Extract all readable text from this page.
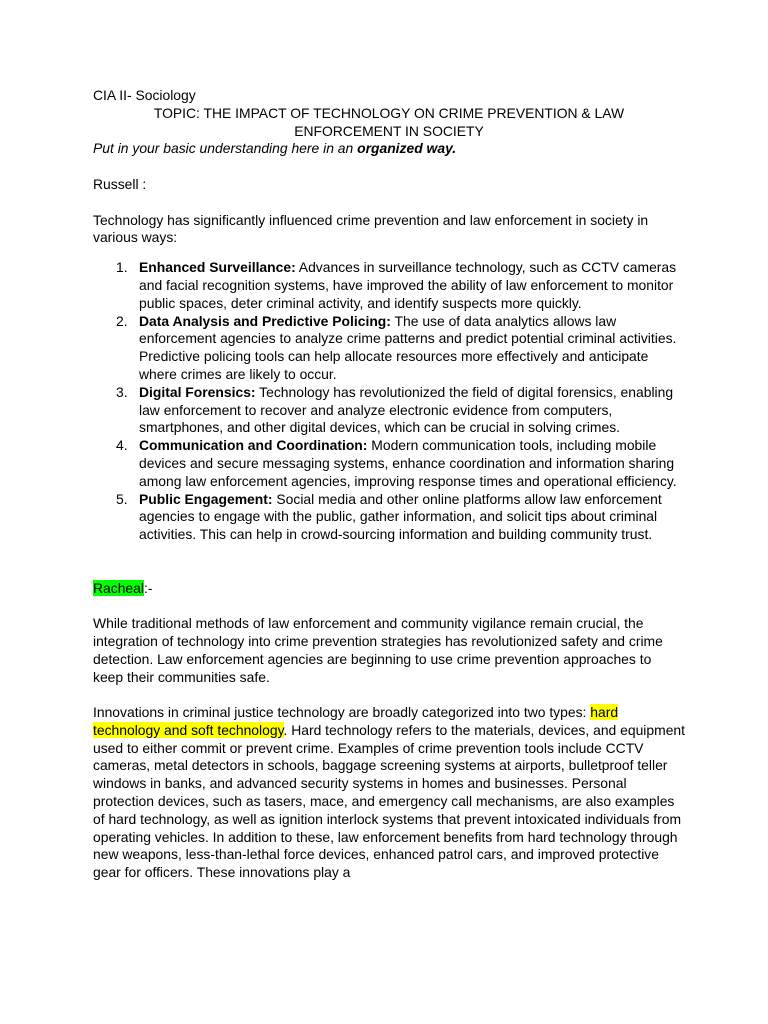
CIA II- Sociology

TOPIC: THE IMPACT OF TECHNOLOGY ON CRIME PREVENTION & LAW

ENFORCEMENT IN SOCIETY

Put in your basic understanding here in an organized way.

Russell :

Technology has significantly influenced crime prevention and law enforcement in society in various ways:

1. Enhanced Surveillance: Advances in surveillance technology, such as CCTV cameras and facial recognition systems, have improved the ability of law enforcement to monitor public spaces, deter criminal activity, and identify suspects more quickly.
2. Data Analysis and Predictive Policing: The use of data analytics allows law enforcement agencies to analyze crime patterns and predict potential criminal activities. Predictive policing tools can help allocate resources more effectively and anticipate where crimes are likely to occur.
3. Digital Forensics: Technology has revolutionized the field of digital forensics, enabling law enforcement to recover and analyze electronic evidence from computers, smartphones, and other digital devices, which can be crucial in solving crimes.
4. Communication and Coordination: Modern communication tools, including mobile devices and secure messaging systems, enhance coordination and information sharing among law enforcement agencies, improving response times and operational efficiency.
5. Public Engagement: Social media and other online platforms allow law enforcement agencies to engage with the public, gather information, and solicit tips about criminal activities. This can help in crowd-sourcing information and building community trust.

Racheal:-

While traditional methods of law enforcement and community vigilance remain crucial, the integration of technology into crime prevention strategies has revolutionized safety and crime detection. Law enforcement agencies are beginning to use crime prevention approaches to keep their communities safe.

Innovations in criminal justice technology are broadly categorized into two types: hard technology and soft technology. Hard technology refers to the materials, devices, and equipment used to either commit or prevent crime. Examples of crime prevention tools include CCTV cameras, metal detectors in schools, baggage screening systems at airports, bulletproof teller windows in banks, and advanced security systems in homes and businesses. Personal protection devices, such as tasers, mace, and emergency call mechanisms, are also examples of hard technology, as well as ignition interlock systems that prevent intoxicated individuals from operating vehicles. In addition to these, law enforcement benefits from hard technology through new weapons, less-than-lethal force devices, enhanced patrol cars, and improved protective gear for officers. These innovations play a
